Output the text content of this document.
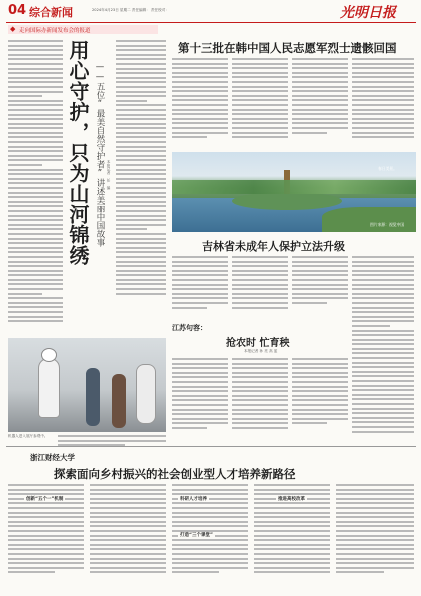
04 综合新闻	2024年4月23日 星期二 责任编辑： 责任校对：	光明日报
◆ 走向国际办新闻发布会的报道
用心守护，只为山河锦绣 ——五位“最美自然守护者”讲述美丽中国故事 本报记者 任 编
机器人进入展厅参观中。
第十三批在韩中国人民志愿军烈士遗骸回国
春日美景。
图片来源：视觉中国
吉林省未成年人保护立法升级
江苏句容：
抢农时 忙育秧
本报记者 孙 亮 高 蓝
浙江财经大学
探索面向乡村振兴的社会创业型人才培养新路径
创新“五个一”机制	科研人才培养
打造“三个课堂”
推进高校改革
